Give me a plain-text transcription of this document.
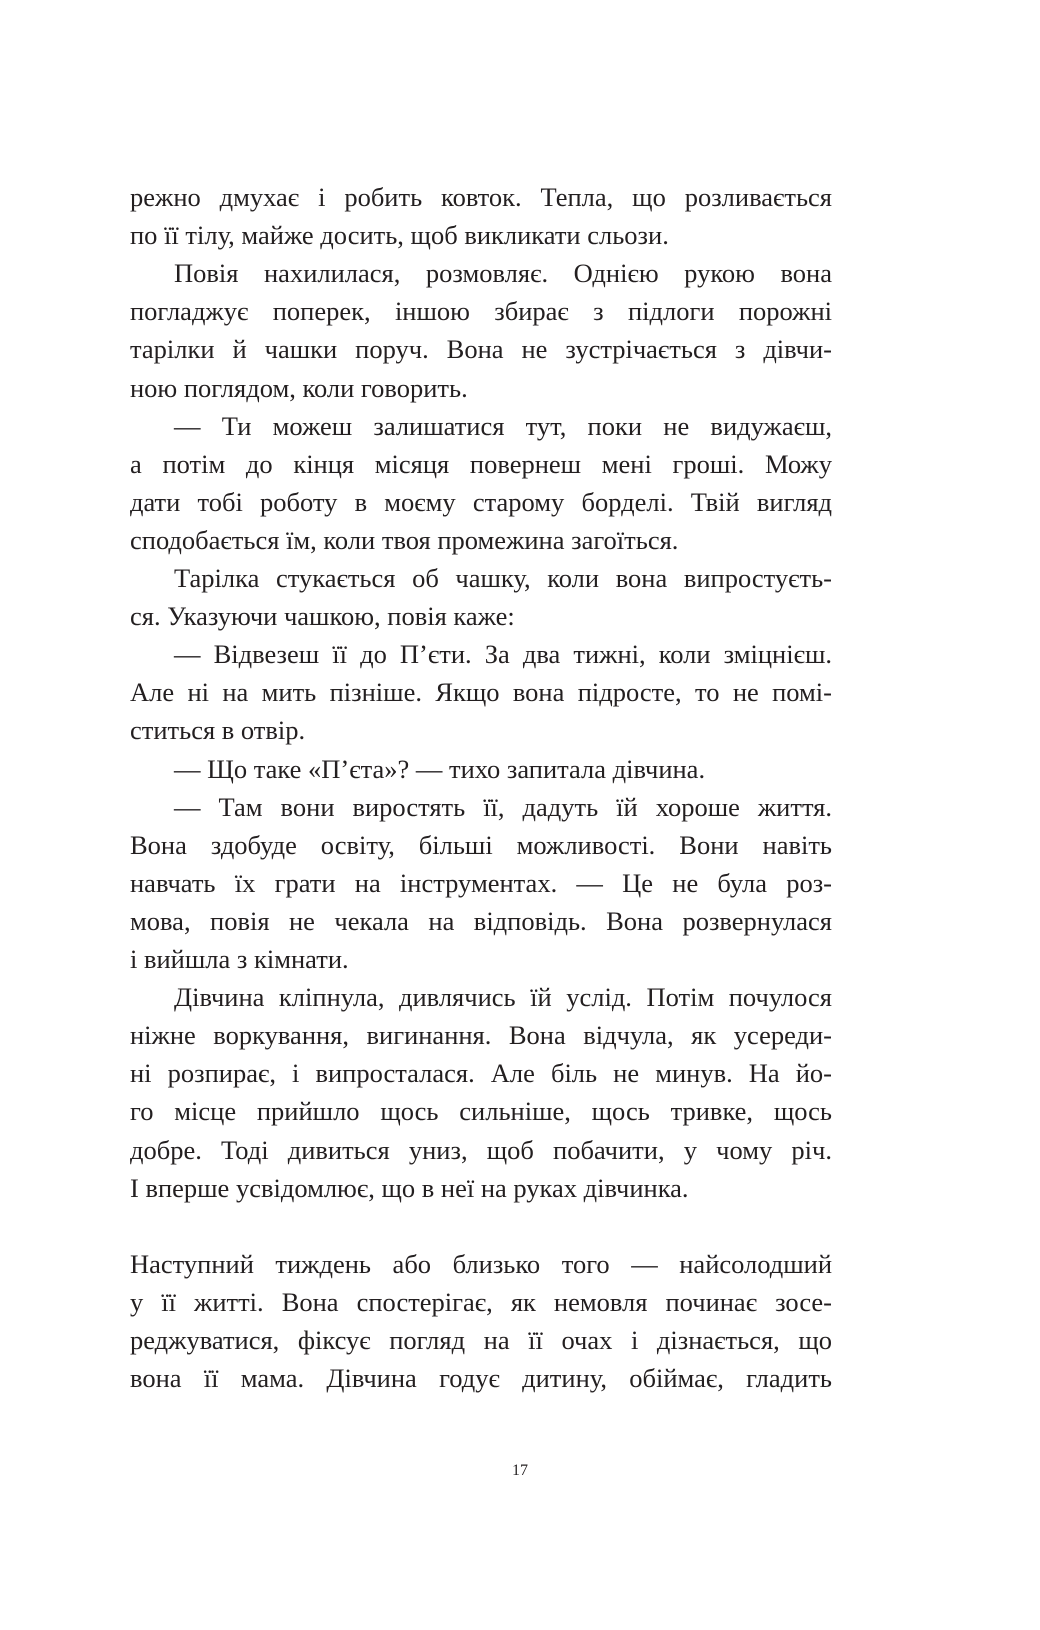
режно дмухає і робить ковток. Тепла, що розливається
по її тілу, майже досить, щоб викликати сльози.
Повія нахилилася, розмовляє. Однією рукою вона
погладжує поперек, іншою збирає з підлоги порожні
тарілки й чашки поруч. Вона не зустрічається з дівчи-
ною поглядом, коли говорить.
— Ти можеш залишатися тут, поки не видужаєш,
а потім до кінця місяця повернеш мені гроші. Можу
дати тобі роботу в моєму старому борделі. Твій вигляд
сподобається їм, коли твоя промежина загоїться.
Тарілка стукається об чашку, коли вона випростуєть-
ся. Указуючи чашкою, повія каже:
— Відвезеш її до П’єти. За два тижні, коли зміцнієш.
Але ні на мить пізніше. Якщо вона підросте, то не помі-
ститься в отвір.
— Що таке «П’єта»? — тихо запитала дівчина.
— Там вони виростять її, дадуть їй хороше життя.
Вона здобуде освіту, більші можливості. Вони навіть
навчать їх грати на інструментах. — Це не була роз-
мова, повія не чекала на відповідь. Вона розвернулася
і вийшла з кімнати.
Дівчина кліпнула, дивлячись їй услід. Потім почулося
ніжне воркування, вигинання. Вона відчула, як усереди-
ні розпирає, і випросталася. Але біль не минув. На йо-
го місце прийшло щось сильніше, щось тривке, щось
добре. Тоді дивиться униз, щоб побачити, у чому річ.
І вперше усвідомлює, що в неї на руках дівчинка.
Наступний тиждень або близько того — найсолодший
у її житті. Вона спостерігає, як немовля починає зосе-
реджуватися, фіксує погляд на її очах і дізнається, що
вона її мама. Дівчина годує дитину, обіймає, гладить
17
